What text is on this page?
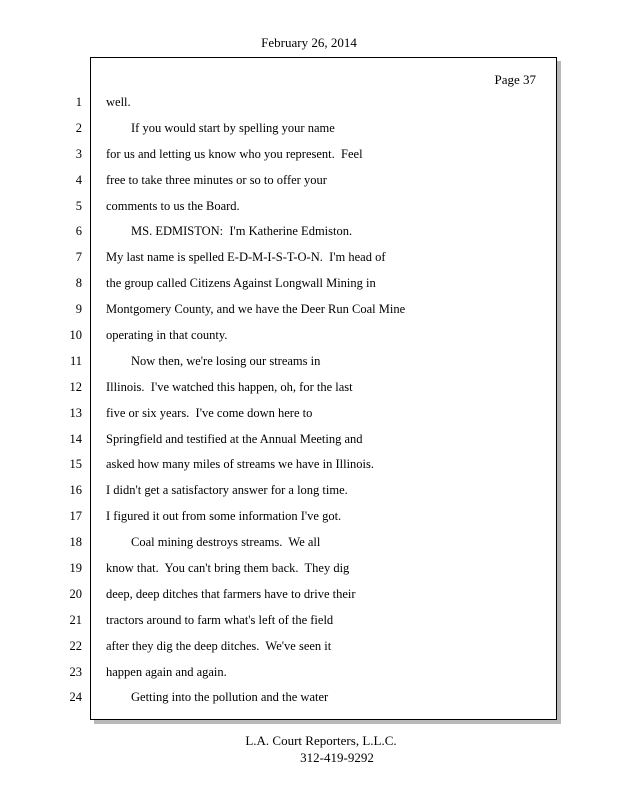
February 26, 2014
Page 37
1
2
3
4
5
6
7
8
9
10
11
12
13
14
15
16
17
18
19
20
21
22
23
24
well.
If you would start by spelling your name
for us and letting us know who you represent.  Feel
free to take three minutes or so to offer your
comments to us the Board.
MS. EDMISTON:  I'm Katherine Edmiston.
My last name is spelled E-D-M-I-S-T-O-N.  I'm head of
the group called Citizens Against Longwall Mining in
Montgomery County, and we have the Deer Run Coal Mine
operating in that county.
Now then, we're losing our streams in
Illinois.  I've watched this happen, oh, for the last
five or six years.  I've come down here to
Springfield and testified at the Annual Meeting and
asked how many miles of streams we have in Illinois.
I didn't get a satisfactory answer for a long time.
I figured it out from some information I've got.
Coal mining destroys streams.  We all
know that.  You can't bring them back.  They dig
deep, deep ditches that farmers have to drive their
tractors around to farm what's left of the field
after they dig the deep ditches.  We've seen it
happen again and again.
Getting into the pollution and the water
L.A. Court Reporters, L.L.C.
312-419-9292
